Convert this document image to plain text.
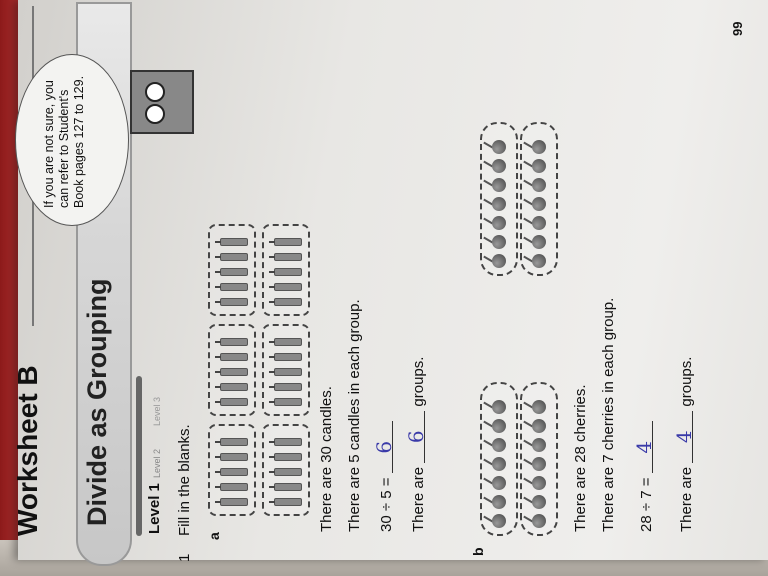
Worksheet B Divide as Grouping Level 1
Level 2
Level 3
If you are not sure, you can refer to Student's Book pages 127 to 129.
1
Fill in the blanks.
a
There are 30 candles. There are 5 candles in each group. 30 ÷ 5 = 6
There are 6 groups.
b
There are 28 cherries. There are 7 cherries in each group. 28 ÷ 7 = 4
There are 4 groups.
99
